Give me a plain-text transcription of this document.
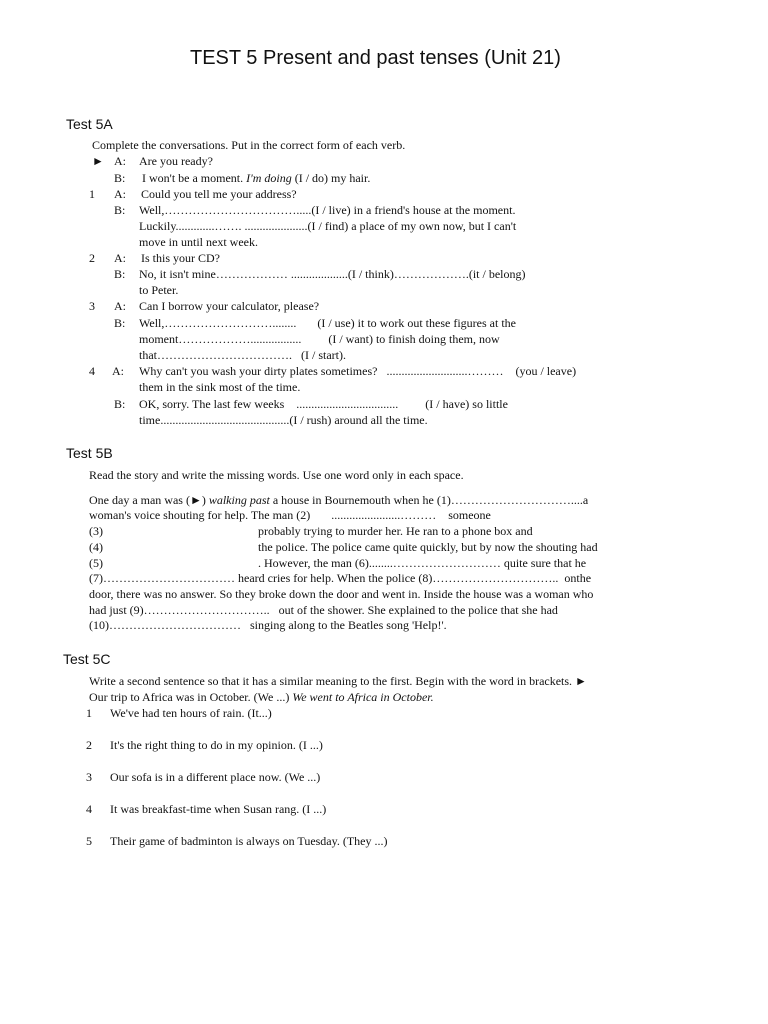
TEST 5 Present and past tenses (Unit 21)
Test 5A
Complete the conversations. Put in the correct form of each verb.
► A: Are you ready?
B: I won't be a moment. I'm doing (I / do) my hair.
1 A: Could you tell me your address?
B: Well,…………………………….....(I / live) in a friend's house at the moment.
Luckily.............……. .....................(I / find) a place of my own now, but I can't
move in until next week.
2 A: Is this your CD?
B: No, it isn't mine……………… ...................(I / think)……………….(it / belong)
to Peter.
3 A: Can I borrow your calculator, please?
B: Well,………………………........       (I / use) it to work out these figures at the
moment……………….................         (I / want) to finish doing them, now
that…………………………….   (I / start).
4 A: Why can't you wash your dirty plates sometimes?   ...........................………    (you / leave)
them in the sink most of the time.
B: OK, sorry. The last few weeks    ..................................         (I / have) so little
time...........................................(I / rush) around all the time.
Test 5B
Read the story and write the missing words. Use one word only in each space.
One day a man was (►) walking past a house in Bournemouth when he (1)…………………………....a
woman's voice shouting for help. The man (2)       .......................………    someone
(3)	probably trying to murder her. He ran to a phone box and
(4)	the police. The police came quite quickly, but by now the shouting had
(5)	. However, the man (6)........……………………… quite sure that he
(7)…………………………… heard cries for help. When the police (8)…………………………..  onthe
door, there was no answer. So they broke down the door and went in. Inside the house was a woman who
had just (9)…………………………..   out of the shower. She explained to the police that she had
(10)……………………………   singing along to the Beatles song 'Help!'.
Test 5C
Write a second sentence so that it has a similar meaning to the first. Begin with the word in brackets. ►
Our trip to Africa was in October. (We ...) We went to Africa in October.
1 We've had ten hours of rain. (It...)
2 It's the right thing to do in my opinion. (I ...)
3 Our sofa is in a different place now. (We ...)
4 It was breakfast-time when Susan rang. (I ...)
5 Their game of badminton is always on Tuesday. (They ...)
